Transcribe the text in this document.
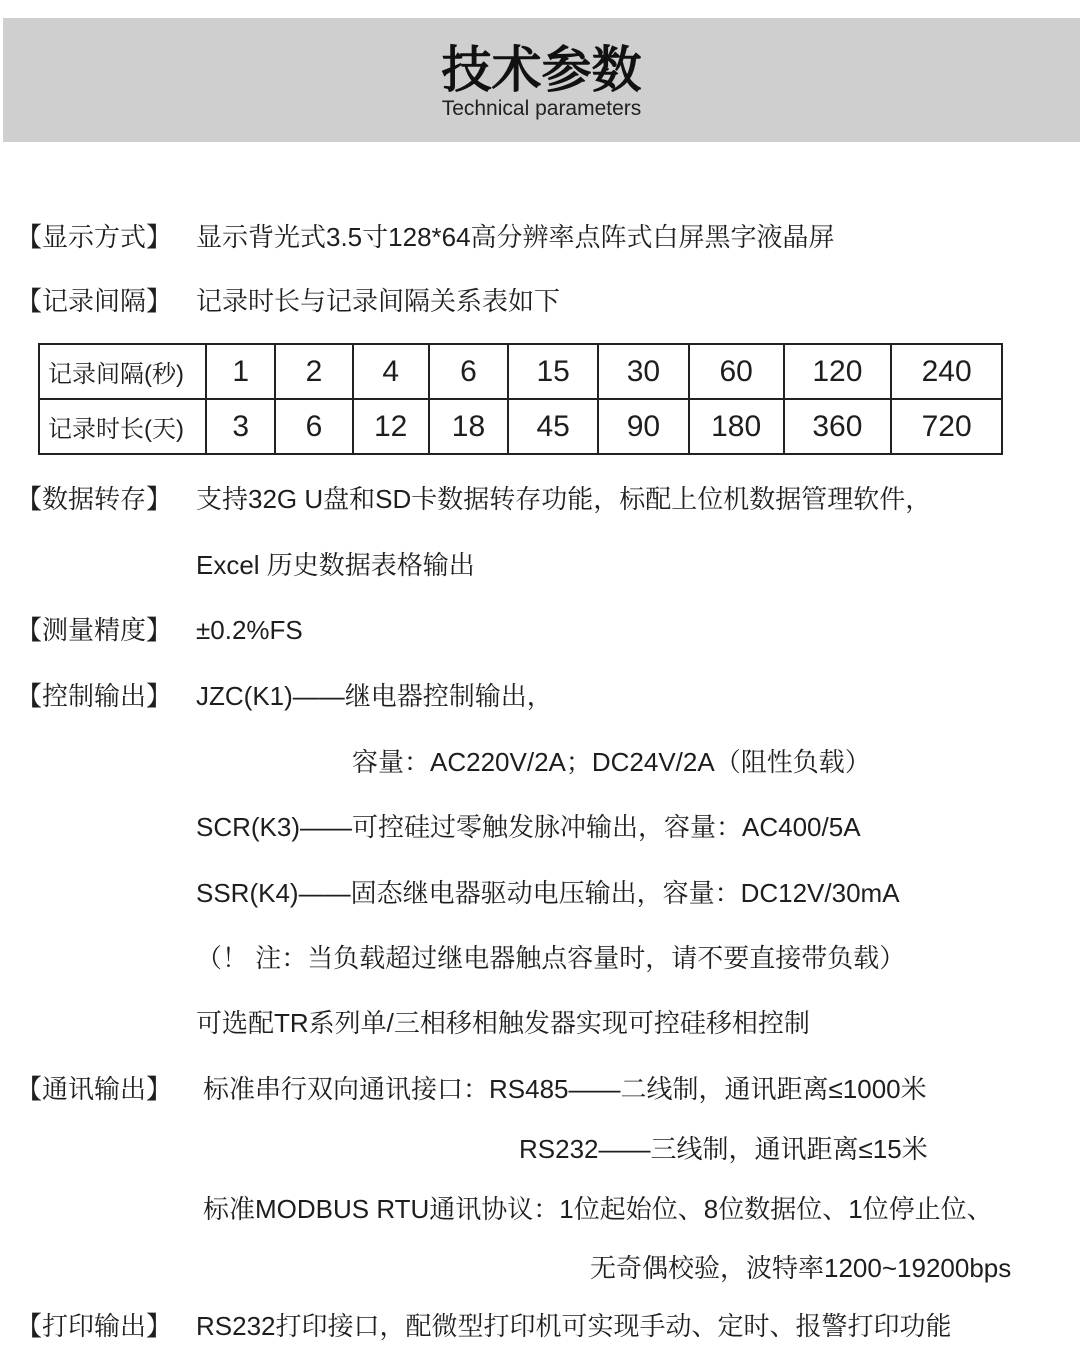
技术参数
Technical parameters
【显示方式】 显示背光式3.5寸128*64高分辨率点阵式白屏黑字液晶屏
【记录间隔】 记录时长与记录间隔关系表如下
记录间隔(秒)	1	2	4	6	15	30	60	120	240
记录时长(天)	3	6	12	18	45	90	180	360	720
【数据转存】 支持32G U盘和SD卡数据转存功能，标配上位机数据管理软件，
Excel 历史数据表格输出
【测量精度】 ±0.2%FS
【控制输出】 JZC(K1)——继电器控制输出，
容量：AC220V/2A；DC24V/2A（阻性负载）
SCR(K3)——可控硅过零触发脉冲输出，容量：AC400/5A
SSR(K4)——固态继电器驱动电压输出，容量：DC12V/30mA
（！ 注：当负载超过继电器触点容量时，请不要直接带负载）
可选配TR系列单/三相移相触发器实现可控硅移相控制
【通讯输出】 标准串行双向通讯接口：RS485——二线制，通讯距离≤1000米
RS232——三线制，通讯距离≤15米
标准MODBUS RTU通讯协议：1位起始位、8位数据位、1位停止位、
无奇偶校验，波特率1200~19200bps
【打印输出】 RS232打印接口，配微型打印机可实现手动、定时、报警打印功能
